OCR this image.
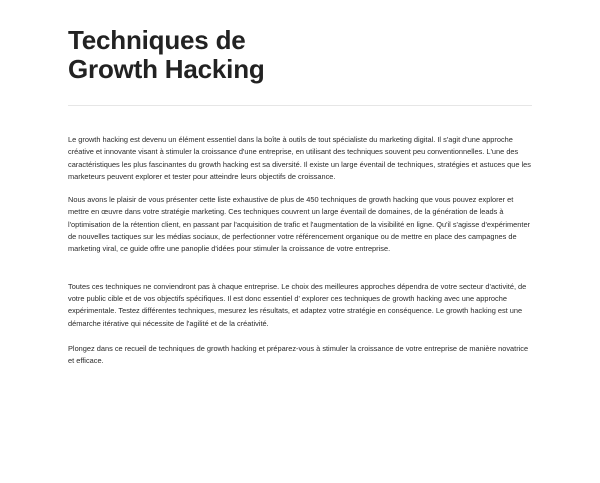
Techniques de
Growth Hacking

Le growth hacking est devenu un élément essentiel dans la boîte à outils de tout spécialiste du marketing digital. Il s'agit d'une approche créative et innovante visant à stimuler la croissance d'une entreprise, en utilisant des techniques souvent peu conventionnelles. L'une des caractéristiques les plus fascinantes du growth hacking est sa diversité. Il existe un large éventail de techniques, stratégies et astuces que les marketeurs peuvent explorer et tester pour atteindre leurs objectifs de croissance.

Nous avons le plaisir de vous présenter cette liste exhaustive de plus de 450 techniques de growth hacking que vous pouvez explorer et mettre en œuvre dans votre stratégie marketing. Ces techniques couvrent un large éventail de domaines, de la génération de leads à l'optimisation de la rétention client, en passant par l'acquisition de trafic et l'augmentation de la visibilité en ligne. Qu'il s'agisse d'expérimenter de nouvelles tactiques sur les médias sociaux, de perfectionner votre référencement organique ou de mettre en place des campagnes de marketing viral, ce guide offre une panoplie d'idées pour stimuler la croissance de votre entreprise.

Toutes ces techniques ne conviendront pas à chaque entreprise. Le choix des meilleures approches dépendra de votre secteur d'activité, de votre public cible et de vos objectifs spécifiques. Il est donc essentiel d' explorer ces techniques de growth hacking avec une approche expérimentale. Testez différentes techniques, mesurez les résultats, et adaptez votre stratégie en conséquence. Le growth hacking est une démarche itérative qui nécessite de l'agilité et de la créativité.

Plongez dans ce recueil de techniques de growth hacking et préparez-vous à stimuler la croissance de votre entreprise de manière novatrice et efficace.
